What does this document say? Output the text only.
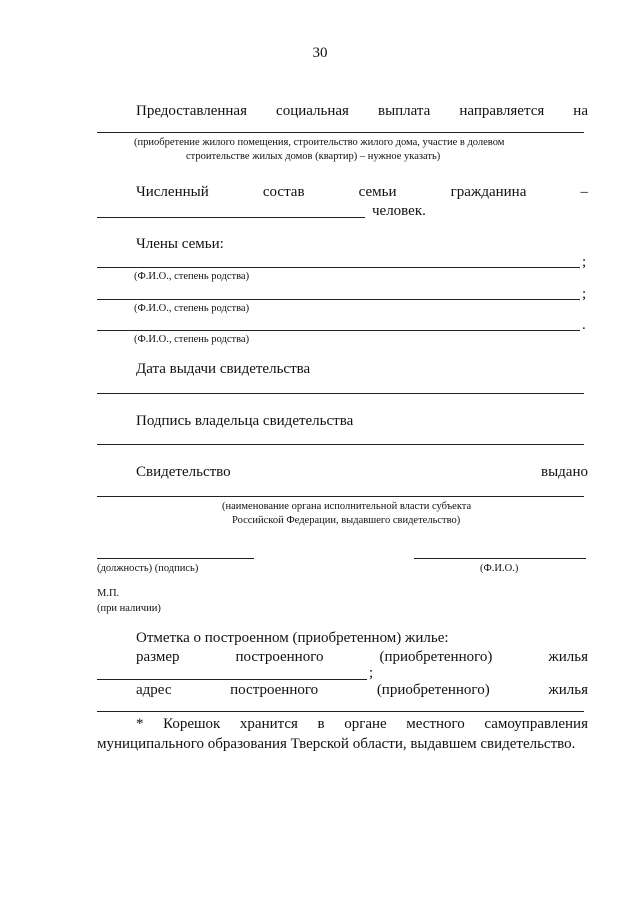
30
Предоставленная социальная выплата направляется на
(приобретение жилого помещения, строительство жилого дома, участие в долевом
строительстве жилых домов (квартир) – нужное указать)
Численный	состав	семьи	гражданина	–
человек.
Члены семьи:
;
(Ф.И.О., степень родства)
;
(Ф.И.О., степень родства)
.
(Ф.И.О., степень родства)
Дата выдачи свидетельства
Подпись владельца свидетельства
Свидетельство	выдано
(наименование органа исполнительной власти субъекта
Российской Федерации, выдавшего свидетельство)
(должность) (подпись)	(Ф.И.О.)
М.П.
(при наличии)
Отметка о построенном (приобретенном) жилье:
размер	построенного	(приобретенного)	жилья
;
адрес	построенного	(приобретенного)	жилья
* Корешок хранится в органе местного самоуправления
муниципального образования Тверской области, выдавшем свидетельство.
